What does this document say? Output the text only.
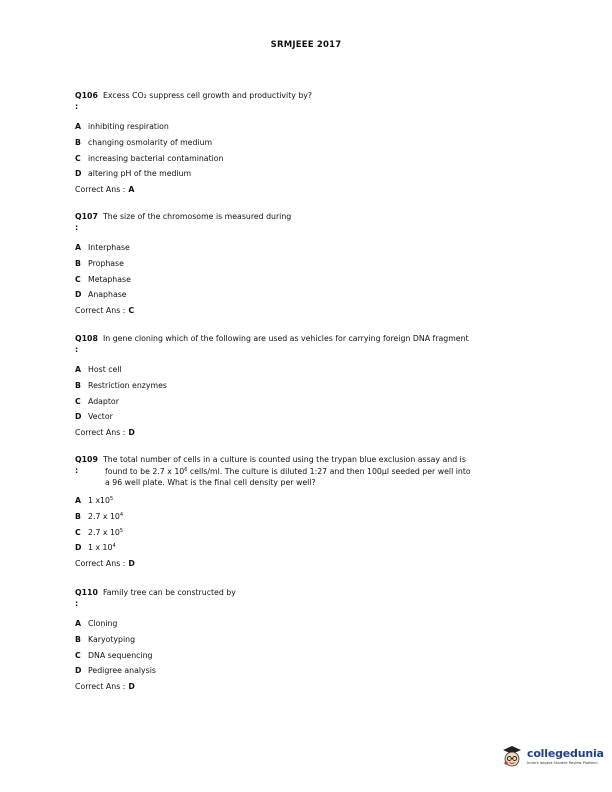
SRMJEEE 2017
Q106
:
Excess CO₂ suppress cell growth and productivity by?
A inhibiting respiration
B changing osmolarity of medium
C increasing bacterial contamination
D altering pH of the medium
Correct Ans : A
Q107
:
The size of the chromosome is measured during
A Interphase
B Prophase
C Metaphase
D Anaphase
Correct Ans : C
Q108
:
In gene cloning which of the following are used as vehicles for carrying foreign DNA fragment
A Host cell
B Restriction enzymes
C Adaptor
D Vector
Correct Ans : D
Q109
:
The total number of cells in a culture is counted using the trypan blue exclusion assay and is
found to be 2.7 x $10^6$ cells/ml. The culture is diluted 1:27 and then 100µl seeded per well into
a 96 well plate. What is the final cell density per well?
A 1 $x10^5$
B 2.7 x $10^4$
C 2.7 x $10^5$
D 1 x $10^4$
Correct Ans : D
Q110
:
Family tree can be constructed by
A Cloning
B Karyotyping
C DNA sequencing
D Pedigree analysis
Correct Ans : D
collegedunia
India's largest Student Review Platform
